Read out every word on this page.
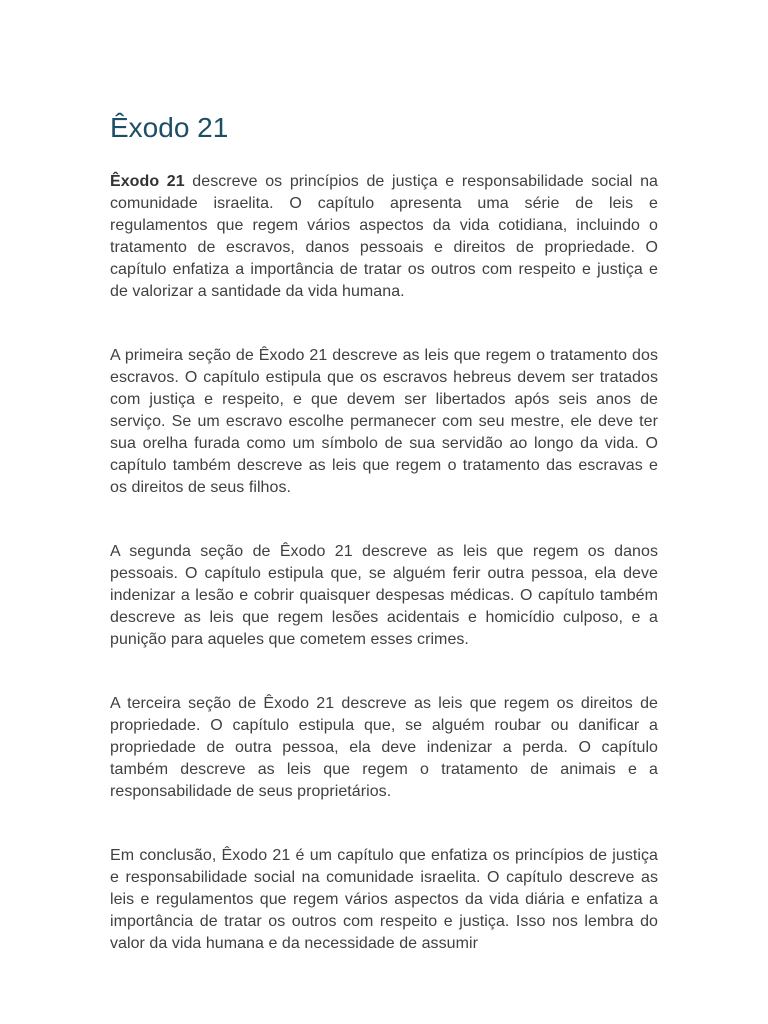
Êxodo 21

Êxodo 21 descreve os princípios de justiça e responsabilidade social na comunidade israelita. O capítulo apresenta uma série de leis e regulamentos que regem vários aspectos da vida cotidiana, incluindo o tratamento de escravos, danos pessoais e direitos de propriedade. O capítulo enfatiza a importância de tratar os outros com respeito e justiça e de valorizar a santidade da vida humana.

A primeira seção de Êxodo 21 descreve as leis que regem o tratamento dos escravos. O capítulo estipula que os escravos hebreus devem ser tratados com justiça e respeito, e que devem ser libertados após seis anos de serviço. Se um escravo escolhe permanecer com seu mestre, ele deve ter sua orelha furada como um símbolo de sua servidão ao longo da vida. O capítulo também descreve as leis que regem o tratamento das escravas e os direitos de seus filhos.

A segunda seção de Êxodo 21 descreve as leis que regem os danos pessoais. O capítulo estipula que, se alguém ferir outra pessoa, ela deve indenizar a lesão e cobrir quaisquer despesas médicas. O capítulo também descreve as leis que regem lesões acidentais e homicídio culposo, e a punição para aqueles que cometem esses crimes.

A terceira seção de Êxodo 21 descreve as leis que regem os direitos de propriedade. O capítulo estipula que, se alguém roubar ou danificar a propriedade de outra pessoa, ela deve indenizar a perda. O capítulo também descreve as leis que regem o tratamento de animais e a responsabilidade de seus proprietários.

Em conclusão, Êxodo 21 é um capítulo que enfatiza os princípios de justiça e responsabilidade social na comunidade israelita. O capítulo descreve as leis e regulamentos que regem vários aspectos da vida diária e enfatiza a importância de tratar os outros com respeito e justiça. Isso nos lembra do valor da vida humana e da necessidade de assumir
